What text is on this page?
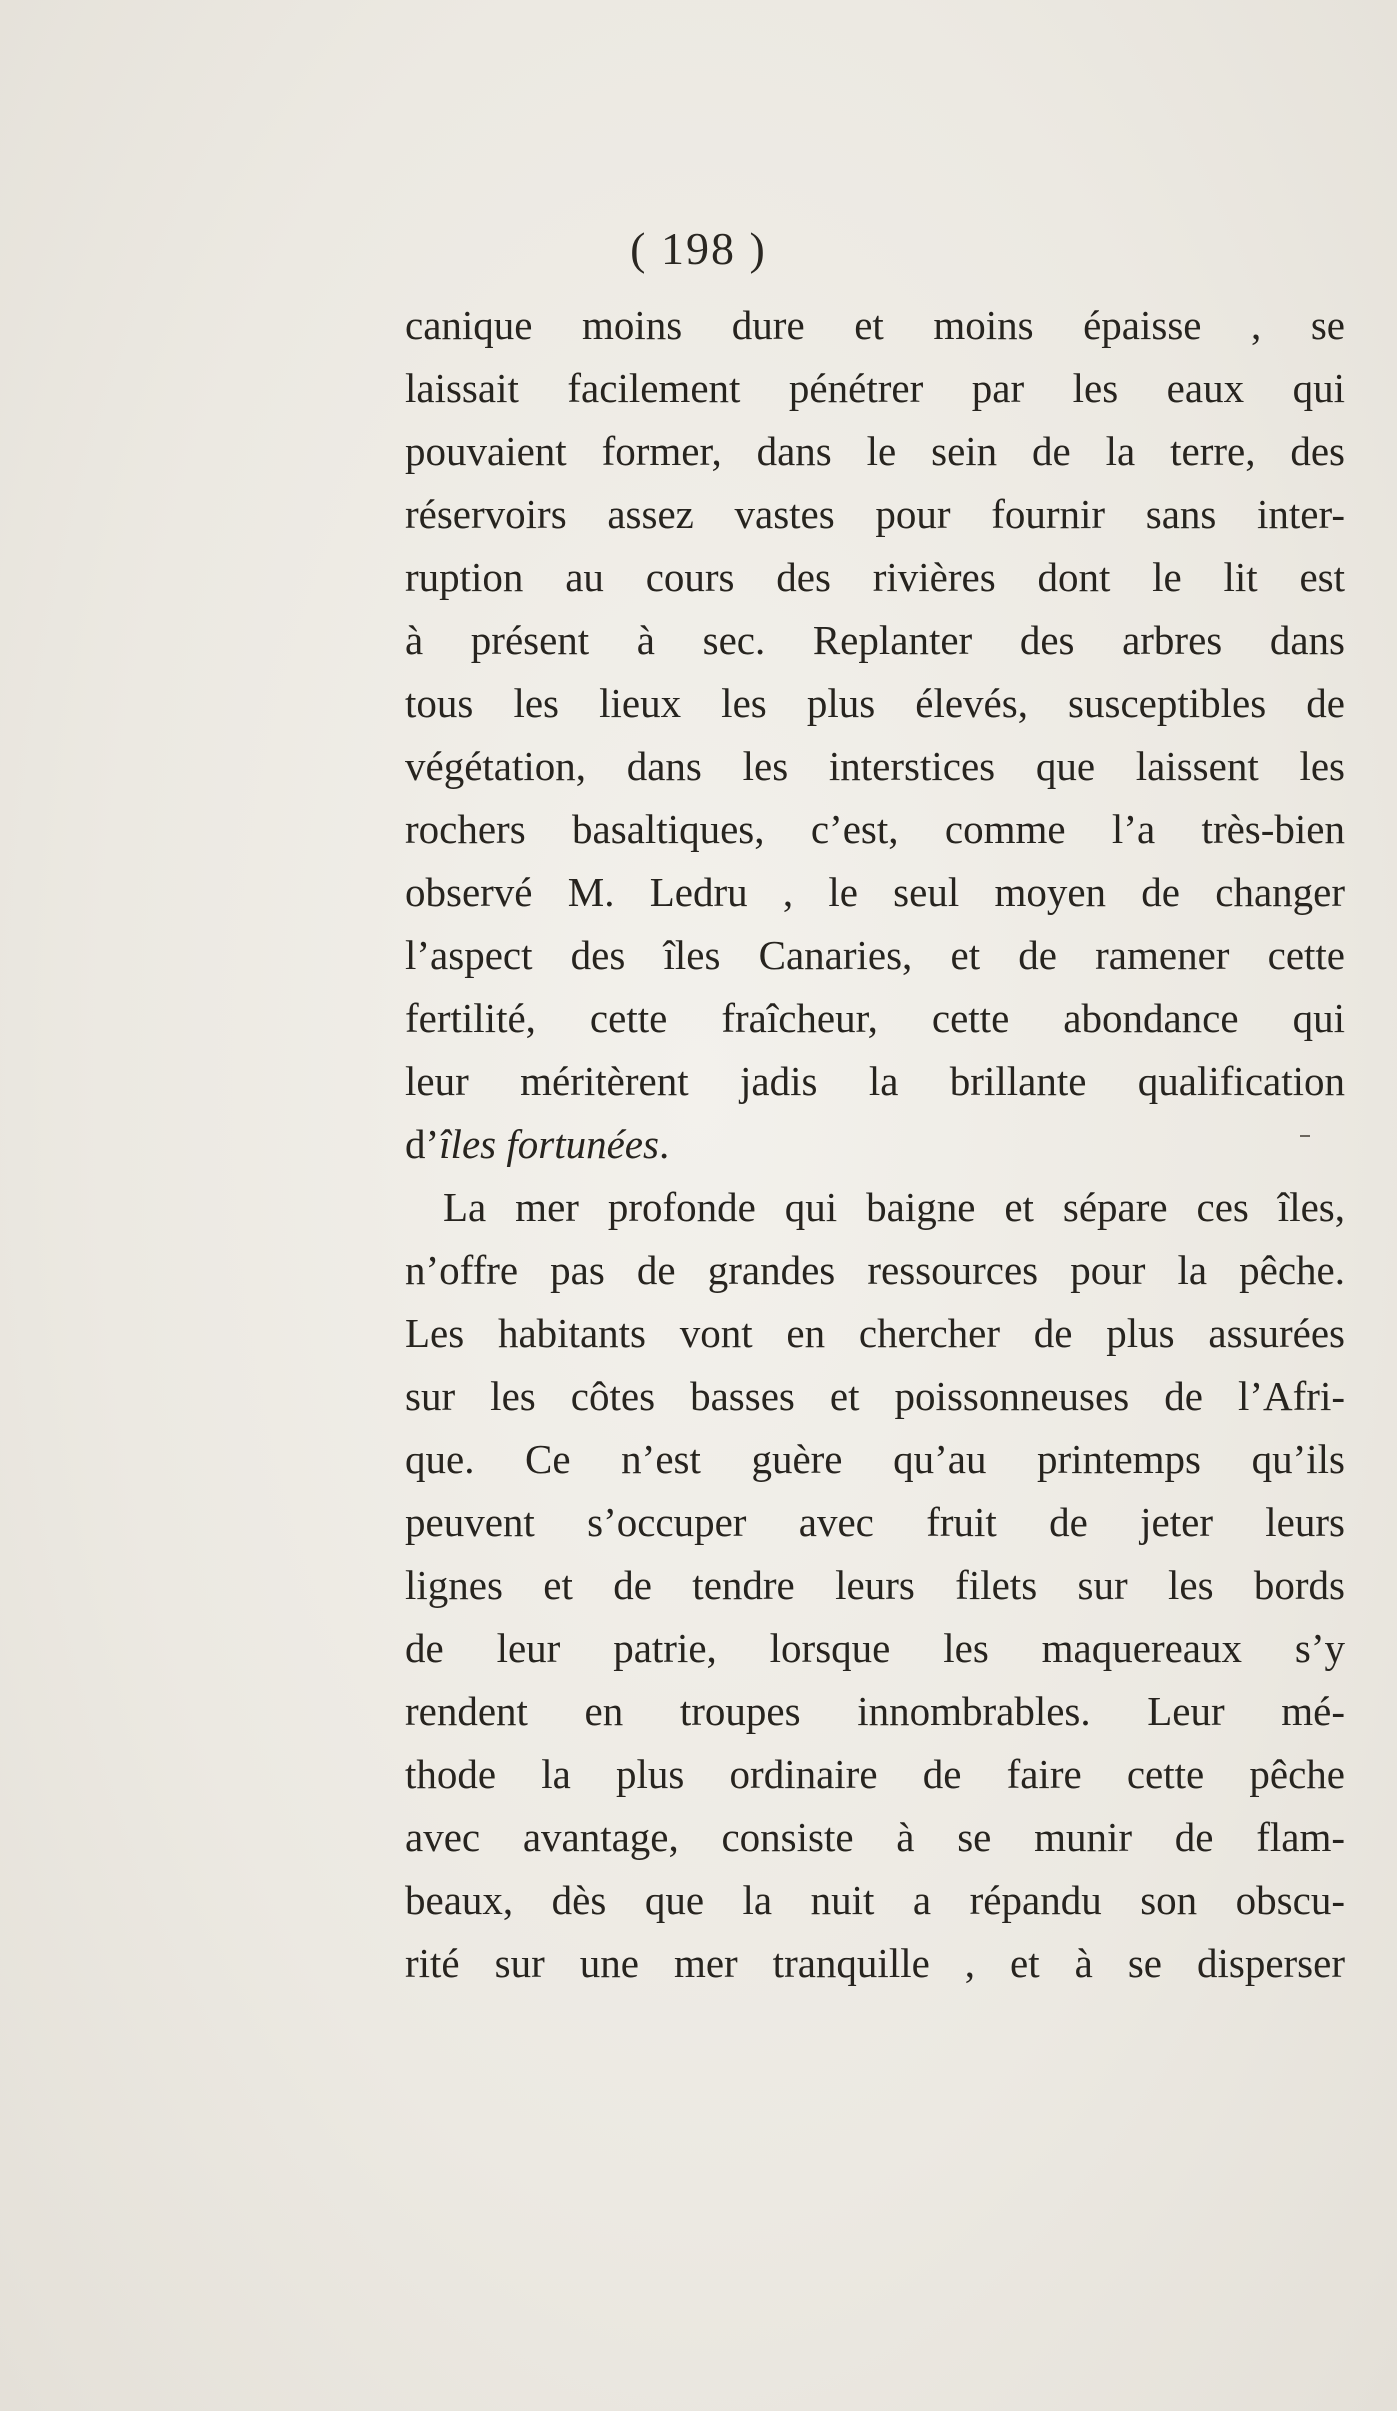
( 198 )
canique moins dure et moins épaisse , se
laissait facilement pénétrer par les eaux qui
pouvaient former, dans le sein de la terre, des
réservoirs assez vastes pour fournir sans inter-
ruption au cours des rivières dont le lit est
à présent à sec. Replanter des arbres dans
tous les lieux les plus élevés, susceptibles de
végétation, dans les interstices que laissent les
rochers basaltiques, c’est, comme l’a très-bien
observé M. Ledru , le seul moyen de changer
l’aspect des îles Canaries, et de ramener cette
fertilité, cette fraîcheur, cette abondance qui
leur méritèrent jadis la brillante qualification
d’îles fortunées.
La mer profonde qui baigne et sépare ces îles,
n’offre pas de grandes ressources pour la pêche.
Les habitants vont en chercher de plus assurées
sur les côtes basses et poissonneuses de l’Afri-
que. Ce n’est guère qu’au printemps qu’ils
peuvent s’occuper avec fruit de jeter leurs
lignes et de tendre leurs filets sur les bords
de leur patrie, lorsque les maquereaux s’y
rendent en troupes innombrables. Leur mé-
thode la plus ordinaire de faire cette pêche
avec avantage, consiste à se munir de flam-
beaux, dès que la nuit a répandu son obscu-
rité sur une mer tranquille , et à se disperser
